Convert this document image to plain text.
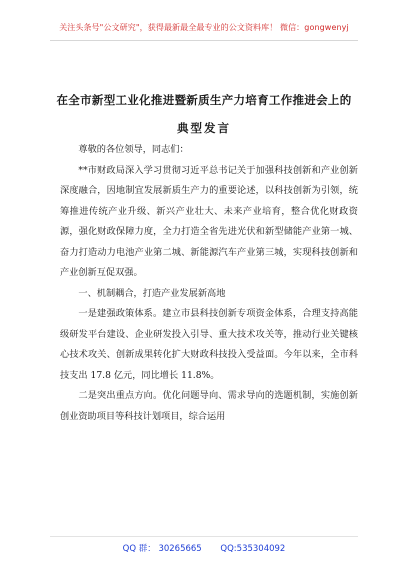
关注头条号"公文研究"，获得最新最全最专业的公文资料库！ 微信：gongwenyj
在全市新型工业化推进暨新质生产力培育工作推进会上的
典型发言

尊敬的各位领导，同志们：

**市财政局深入学习贯彻习近平总书记关于加强科技创新和产业创新深度融合，因地制宜发展新质生产力的重要论述，以科技创新为引领，统筹推进传统产业升级、新兴产业壮大、未来产业培育，整合优化财政资源，强化财政保障力度，全力打造全省先进光伏和新型储能产业第一城、奋力打造动力电池产业第二城、新能源汽车产业第三城，实现科技创新和产业创新互促双强。

一、机制耦合，打造产业发展新高地

一是建强政策体系。建立市县科技创新专项资金体系，合理支持高能级研发平台建设、企业研发投入引导、重大技术攻关等，推动行业关键核心技术攻关、创新成果转化扩大财政科技投入受益面。今年以来，全市科技支出 17.8 亿元，同比增长 11.8%。

二是突出重点方向。优化问题导向、需求导向的选题机制，实施创新创业资助项目等科技计划项目，综合运用

QQ 群： 30265665 QQ:535304092
